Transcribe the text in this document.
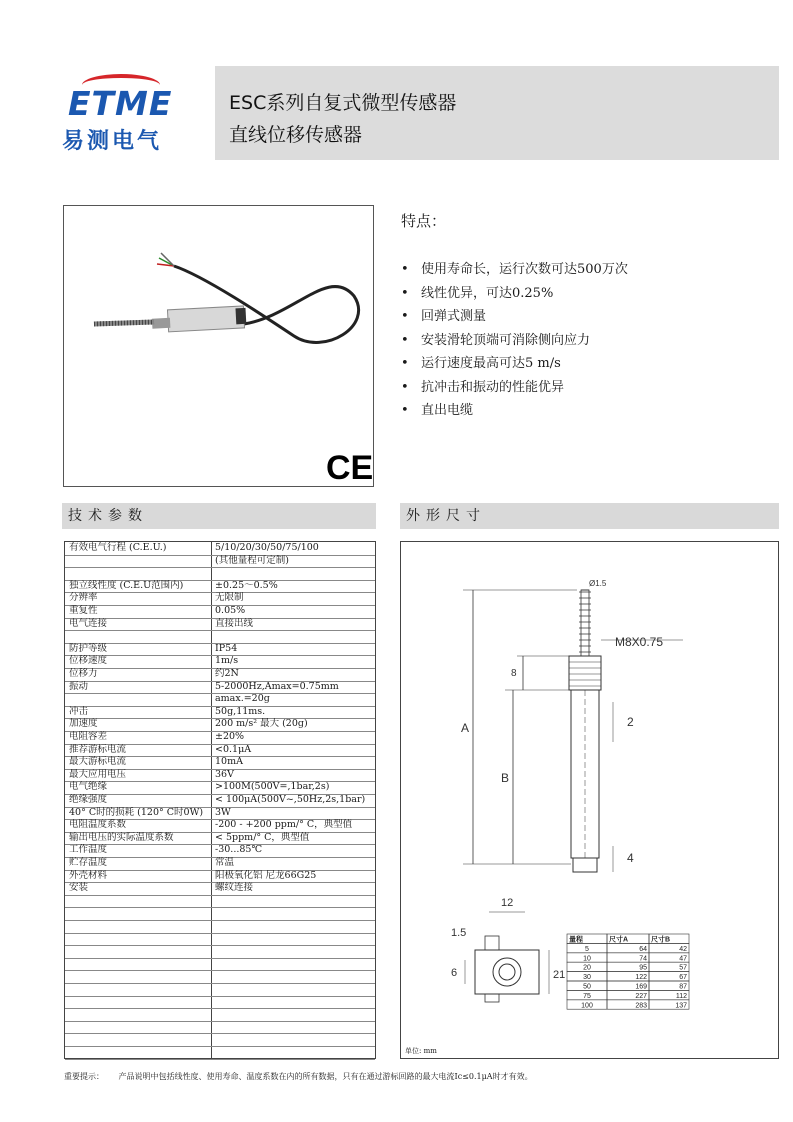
ETME
易测电气
ESC系列自复式微型传感器
直线位移传感器
CE
特点：
• 使用寿命长，运行次数可达500万次
• 线性优异，可达0.25%
• 回弹式测量
• 安装滑轮顶端可消除侧向应力
• 运行速度最高可达5 m/s
• 抗冲击和振动的性能优异
• 直出电缆
技术参数	外形尺寸
有效电气行程 (C.E.U.)	5/10/20/30/50/75/100
(其他量程可定制)
独立线性度 (C.E.U范围内)	±0.25～0.5%
分辨率	无限制
重复性	0.05%
电气连接	直接出线
防护等级	IP54
位移速度	1m/s
位移力	约2N
振动	5-2000Hz,Amax=0.75mm
amax.=20g
冲击	50g,11ms.
加速度	200 m/s² 最大 (20g)
电阻容差	±20%
推荐游标电流	<0.1μA
最大游标电流	10mA
最大应用电压	36V
电气绝缘	>100M(500V=,1bar,2s)
绝缘强度	< 100μA(500V~,50Hz,2s,1bar)
40° C时的损耗 (120° C时0W)	3W
电阻温度系数	-200 - +200 ppm/° C，典型值
输出电压的实际温度系数	< 5ppm/° C，典型值
工作温度	-30...85℃
贮存温度	常温
外壳材料	阳极氧化铝 尼龙66G25
安装	螺纹连接
A
B
8
M8X0.75
Ø1.5
2
4
12
1.5
6	21
量程	尺寸A	尺寸B
5	64	42
10	74	47
20	95	57
30	122	67
50	169	87
75	227	112
100	283	137
单位: mm
重要提示： 产品说明中包括线性度、使用寿命、温度系数在内的所有数据，只有在通过游标回路的最大电流Ic≤0.1μA时才有效。
